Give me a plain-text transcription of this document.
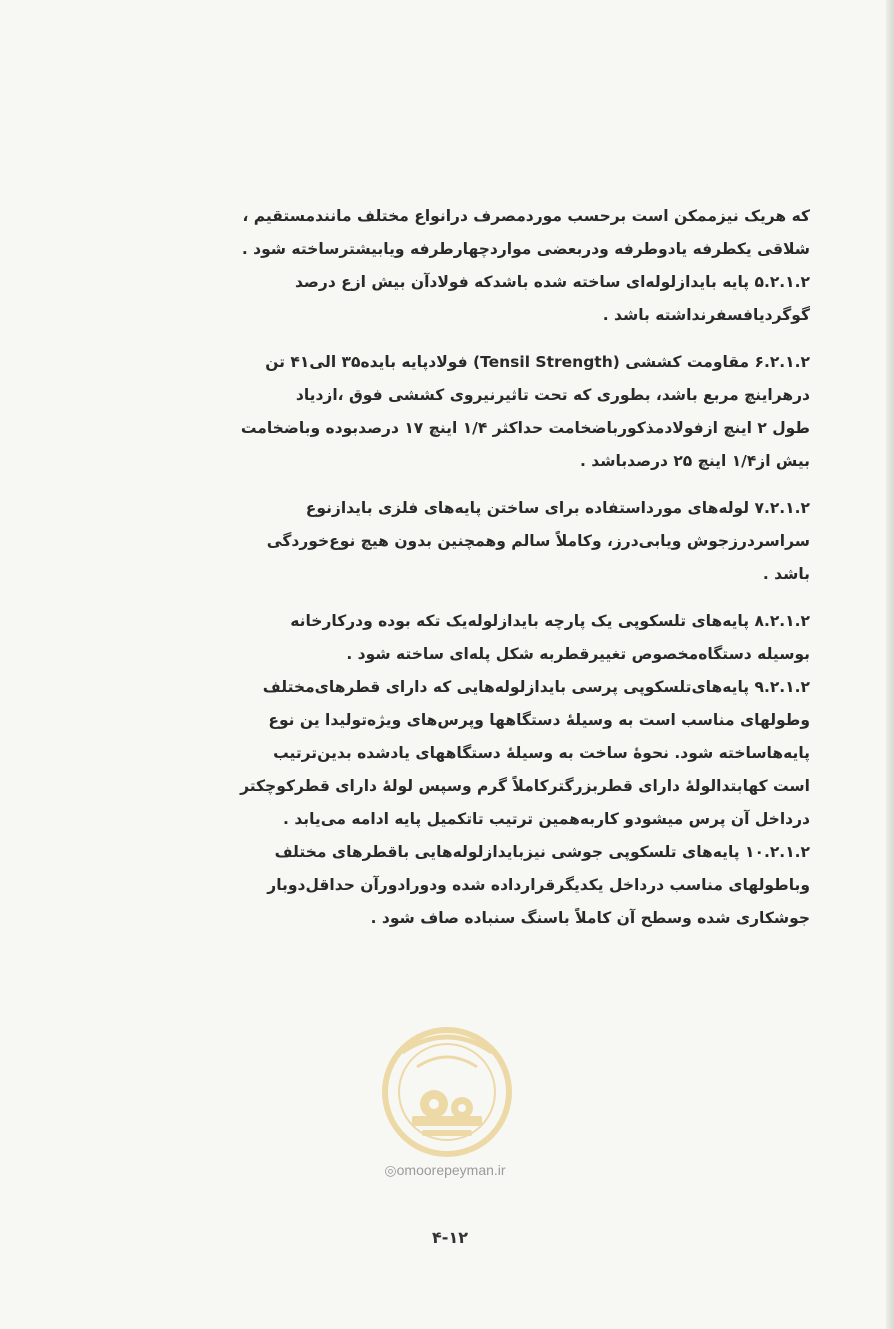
که هریک نیزممکن است برحسب موردمصرف درانواع مختلف مانندمستقیم ،
شلاقی یکطرفه یادوطرفه ودربعضی مواردچهارطرفه ویابیشترساخته شود .
۵.۲.۱.۲ پایه بایدازلوله‌ای ساخته شده باشدکه فولادآن بیش ازع درصد
گوگردیافسفرنداشته باشد .
۶.۲.۱.۲ مقاومت کششی (Tensil Strength) فولادپایه بایده۳۵ الی۴۱ تن
درهراینچ مربع باشد، بطوری که تحت تاثیرنیروی کششی فوق ،ازدیاد
طول ۲ اینچ ازفولادمذکورباضخامت حداکثر ۱/۴ اینچ ۱۷ درصدبوده وباضخامت
بیش از۱/۴ اینچ ۲۵ درصدباشد .
۷.۲.۱.۲ لوله‌های مورداستفاده برای ساختن پایه‌های فلزی بایدازنوع
سراسردرزجوش ویابی‌درز، وکاملاً سالم وهمچنین بدون هیچ نوع‌خوردگی
باشد .
۸.۲.۱.۲ پایه‌های تلسکوپی یک پارچه بایدازلوله‌یک تکه بوده ودرکارخانه
بوسیله دستگاه‌مخصوص تغییرقطربه شکل پله‌ای ساخته شود .
۹.۲.۱.۲ پایه‌های‌تلسکوپی پرسی بایدازلوله‌هایی که دارای قطرهای‌مختلف
وطولهای مناسب است به وسیلهٔ دستگاهها وپرس‌های ویژه‌تولیدا ین نوع
پایه‌هاساخته شود. نحوهٔ ساخت به وسیلهٔ دستگاههای یادشده بدین‌ترتیب
است کهابتدالولهٔ دارای قطربزرگترکاملاً گرم وسپس لولهٔ دارای قطرکوچکتر
درداخل آن پرس میشودو کاربه‌همین ترتیب تاتکمیل پایه ادامه می‌یابد .
۱۰.۲.۱.۲ پایه‌های تلسکوپی جوشی نیزبایدازلوله‌هایی باقطرهای مختلف
وباطولهای مناسب درداخل یکدیگرقرارداده شده ودورادورآن حداقل‌دوبار
جوشکاری شده وسطح آن کاملاً باسنگ سنباده صاف شود .
◎omoorepeyman.ir
۴-۱۲
